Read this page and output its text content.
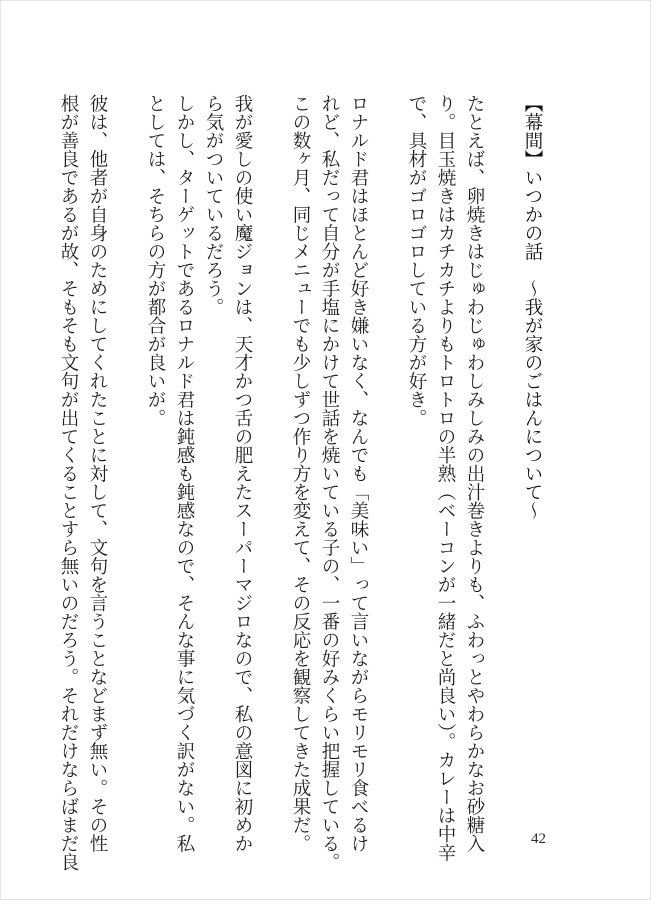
【幕間】いつかの話　～我が家のごはんについて～
たとえば、卵焼きはじゅわじゅわしみしみの出汁巻きよりも、ふわっとやわらかなお砂糖入
り。目玉焼きはカチカチよりもトロトロの半熟（ベーコンが一緒だと尚良い）。カレーは中辛
で、具材がゴロゴロしている方が好き。
ロナルド君はほとんど好き嫌いなく、なんでも「美味い」って言いながらモリモリ食べるけ
れど、私だって自分が手塩にかけて世話を焼いている子の、一番の好みくらい把握している。
この数ヶ月、同じメニューでも少しずつ作り方を変えて、その反応を観察してきた成果だ。
我が愛しの使い魔ジョンは、天才かつ舌の肥えたスーパーマジロなので、私の意図に初めか
ら気がついているだろう。
しかし、ターゲットであるロナルド君は鈍感も鈍感なので、そんな事に気づく訳がない。私
としては、そちらの方が都合が良いが。
彼は、他者が自身のためにしてくれたことに対して、文句を言うことなどまず無い。その性
根が善良であるが故、そもそも文句が出てくることすら無いのだろう。それだけならばまだ良	42
